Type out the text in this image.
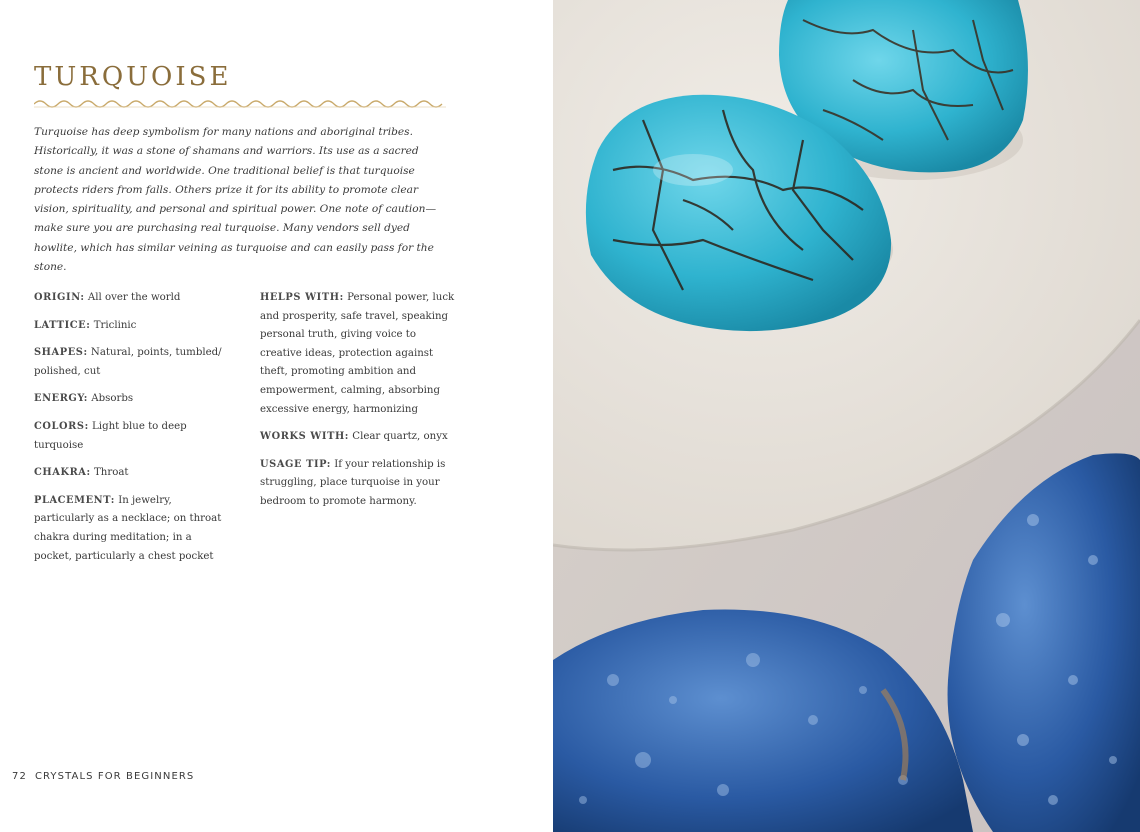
TURQUOISE

Turquoise has deep symbolism for many nations and aboriginal tribes. Historically, it was a stone of shamans and warriors. Its use as a sacred stone is ancient and worldwide. One traditional belief is that turquoise protects riders from falls. Others prize it for its ability to promote clear vision, spirituality, and personal and spiritual power. One note of caution—make sure you are purchasing real turquoise. Many vendors sell dyed howlite, which has similar veining as turquoise and can easily pass for the stone.

ORIGIN: All over the world

LATTICE: Triclinic

SHAPES: Natural, points, tumbled/ polished, cut

ENERGY: Absorbs

COLORS: Light blue to deep turquoise

CHAKRA: Throat

PLACEMENT: In jewelry, particularly as a necklace; on throat chakra during meditation; in a pocket, particularly a chest pocket

HELPS WITH: Personal power, luck and prosperity, safe travel, speaking personal truth, giving voice to creative ideas, protection against theft, promoting ambition and empowerment, calming, absorbing excessive energy, harmonizing

WORKS WITH: Clear quartz, onyx

USAGE TIP: If your relationship is struggling, place turquoise in your bedroom to promote harmony.

72 CRYSTALS FOR BEGINNERS
